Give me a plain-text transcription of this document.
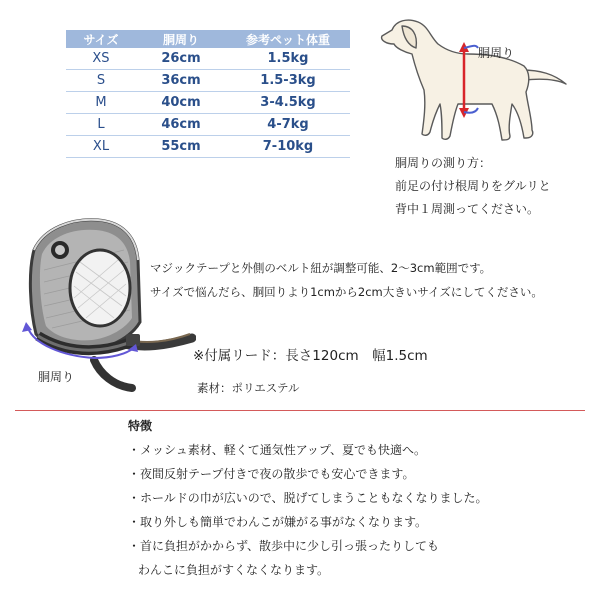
サイズ	胴周り	参考ペット体重
XS	26cm	1.5kg
S	36cm	1.5-3kg
M	40cm	3-4.5kg
L	46cm	4-7kg
XL	55cm	7-10kg
胴周り
胴周りの測り方：
前足の付け根周りをグルリと
背中１周測ってください。
胴周り
マジックテープと外側のベルト紐が調整可能、2～3cm範囲です。
サイズで悩んだら、胴回りより1cmから2cm大きいサイズにしてください。
※付属リード：長さ120cm　幅1.5cm
素材：ポリエステル
特徴
・メッシュ素材、軽くて通気性アップ、夏でも快適へ。
・夜間反射テープ付きで夜の散歩でも安心できます。
・ホールドの巾が広いので、脱げてしまうこともなくなりました。
・取り外しも簡単でわんこが嫌がる事がなくなります。
・首に負担がかからず、散歩中に少し引っ張ったりしても
わんこに負担がすくなくなります。
